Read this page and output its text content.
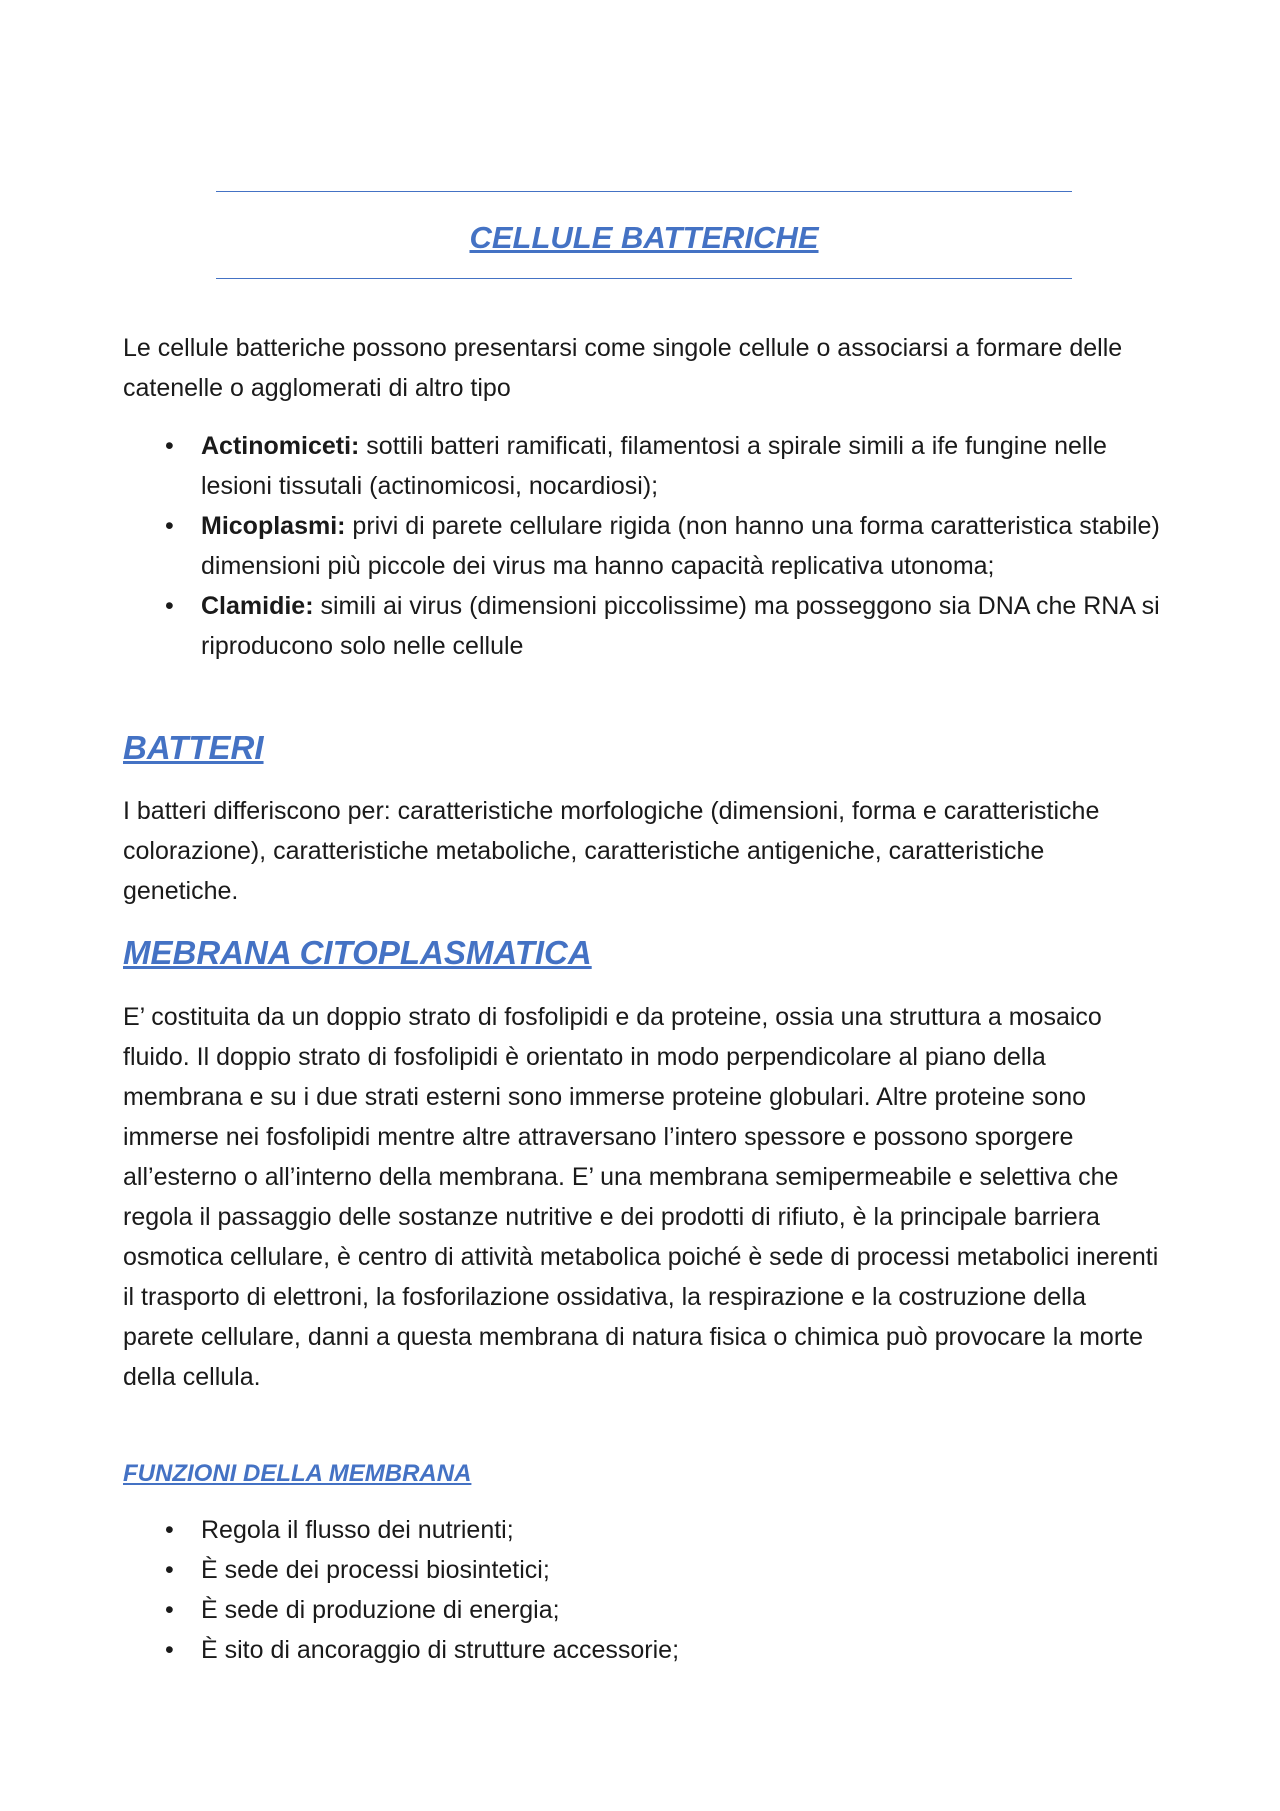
CELLULE BATTERICHE

Le cellule batteriche possono presentarsi come singole cellule o associarsi a formare delle catenelle o agglomerati di altro tipo

• Actinomiceti: sottili batteri ramificati, filamentosi a spirale simili a ife fungine nelle lesioni tissutali (actinomicosi, nocardiosi);
• Micoplasmi: privi di parete cellulare rigida (non hanno una forma caratteristica stabile) dimensioni più piccole dei virus ma hanno capacità replicativa utonoma;
• Clamidie: simili ai virus (dimensioni piccolissime) ma posseggono sia DNA che RNA si riproducono solo nelle cellule
BATTERI

I batteri differiscono per: caratteristiche morfologiche (dimensioni, forma e caratteristiche colorazione), caratteristiche metaboliche, caratteristiche antigeniche, caratteristiche genetiche.

MEBRANA CITOPLASMATICA

E’ costituita da un doppio strato di fosfolipidi e da proteine, ossia una struttura a mosaico fluido. Il doppio strato di fosfolipidi è orientato in modo perpendicolare al piano della membrana e su i due strati esterni sono immerse proteine globulari. Altre proteine sono immerse nei fosfolipidi mentre altre attraversano l’intero spessore e possono sporgere all’esterno o all’interno della membrana. E’ una membrana semipermeabile e selettiva che regola il passaggio delle sostanze nutritive e dei prodotti di rifiuto, è la principale barriera osmotica cellulare, è centro di attività metabolica poiché è sede di processi metabolici inerenti il trasporto di elettroni, la fosforilazione ossidativa, la respirazione e la costruzione della parete cellulare, danni a questa membrana di natura fisica o chimica può provocare la morte della cellula.

FUNZIONI DELLA MEMBRANA
• Regola il flusso dei nutrienti;
• È sede dei processi biosintetici;
• È sede di produzione di energia;
• È sito di ancoraggio di strutture accessorie;
